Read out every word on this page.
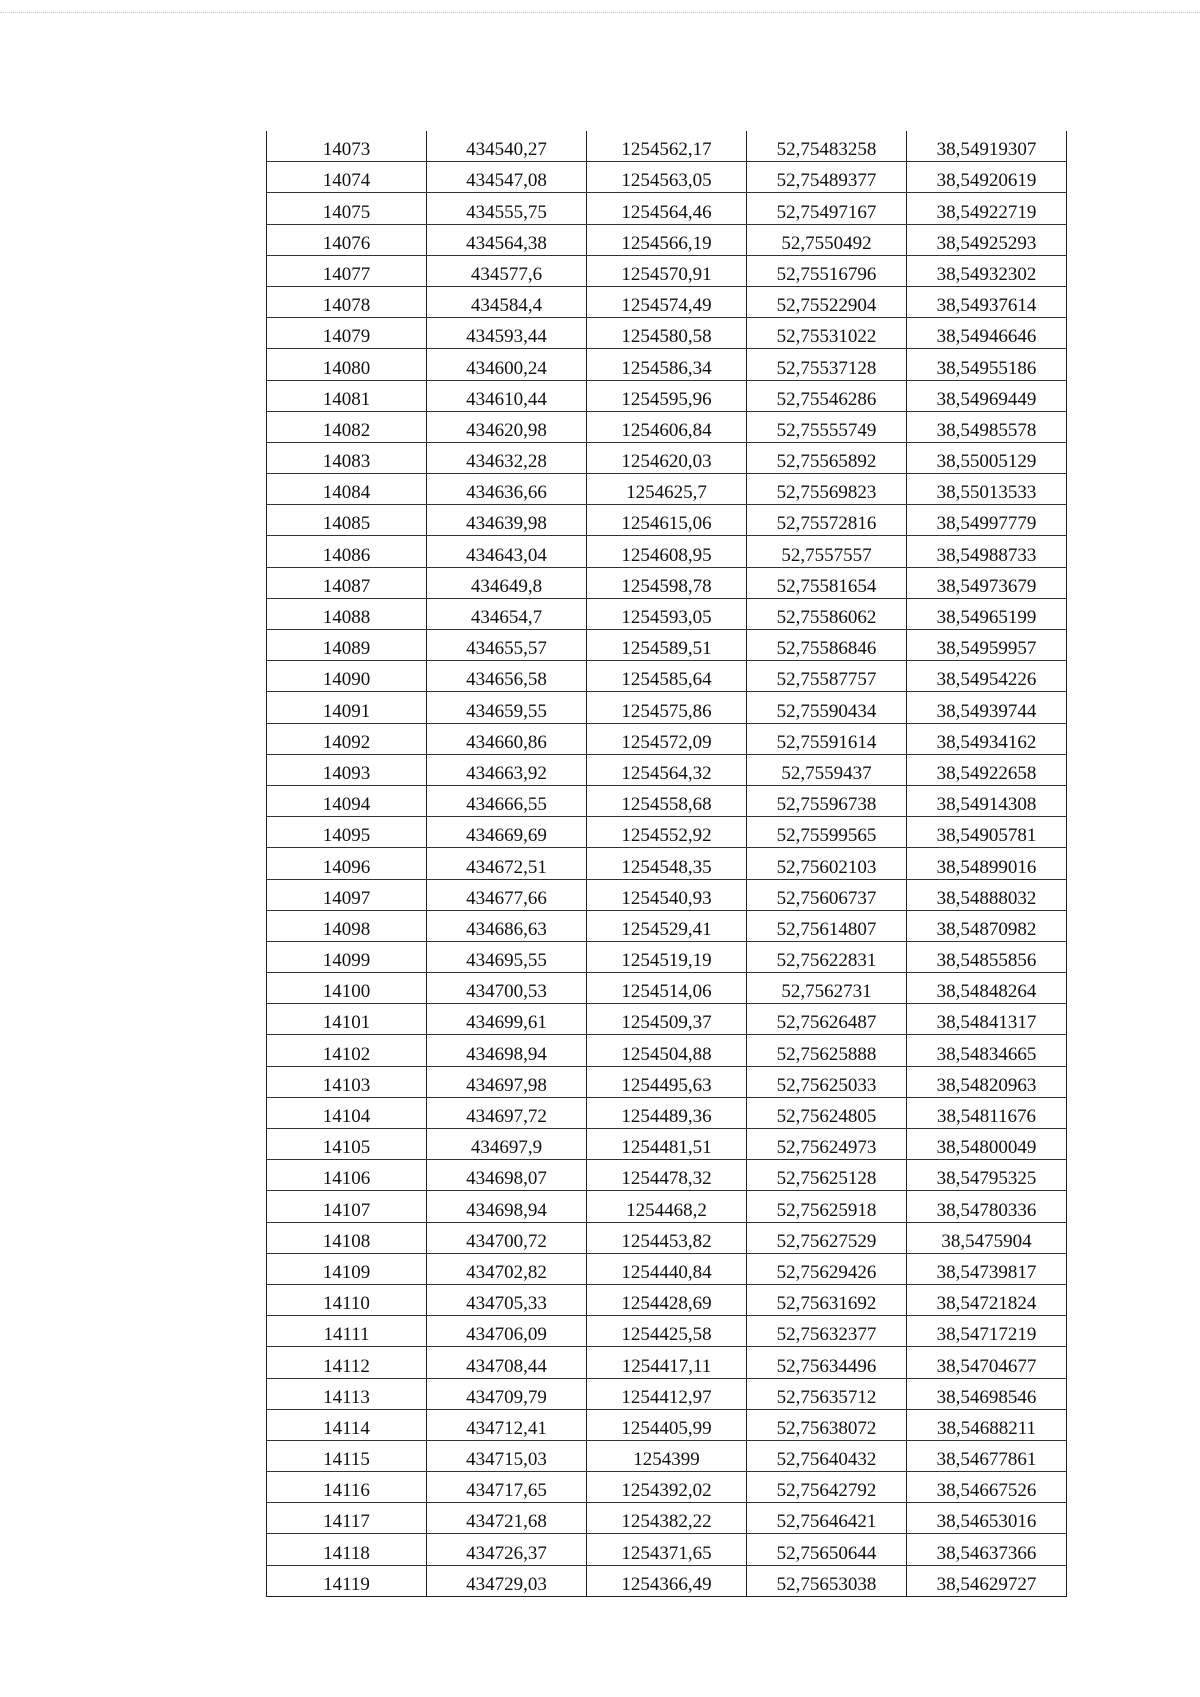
14073	434540,27	1254562,17	52,75483258	38,54919307
14074	434547,08	1254563,05	52,75489377	38,54920619
14075	434555,75	1254564,46	52,75497167	38,54922719
14076	434564,38	1254566,19	52,7550492	38,54925293
14077	434577,6	1254570,91	52,75516796	38,54932302
14078	434584,4	1254574,49	52,75522904	38,54937614
14079	434593,44	1254580,58	52,75531022	38,54946646
14080	434600,24	1254586,34	52,75537128	38,54955186
14081	434610,44	1254595,96	52,75546286	38,54969449
14082	434620,98	1254606,84	52,75555749	38,54985578
14083	434632,28	1254620,03	52,75565892	38,55005129
14084	434636,66	1254625,7	52,75569823	38,55013533
14085	434639,98	1254615,06	52,75572816	38,54997779
14086	434643,04	1254608,95	52,7557557	38,54988733
14087	434649,8	1254598,78	52,75581654	38,54973679
14088	434654,7	1254593,05	52,75586062	38,54965199
14089	434655,57	1254589,51	52,75586846	38,54959957
14090	434656,58	1254585,64	52,75587757	38,54954226
14091	434659,55	1254575,86	52,75590434	38,54939744
14092	434660,86	1254572,09	52,75591614	38,54934162
14093	434663,92	1254564,32	52,7559437	38,54922658
14094	434666,55	1254558,68	52,75596738	38,54914308
14095	434669,69	1254552,92	52,75599565	38,54905781
14096	434672,51	1254548,35	52,75602103	38,54899016
14097	434677,66	1254540,93	52,75606737	38,54888032
14098	434686,63	1254529,41	52,75614807	38,54870982
14099	434695,55	1254519,19	52,75622831	38,54855856
14100	434700,53	1254514,06	52,7562731	38,54848264
14101	434699,61	1254509,37	52,75626487	38,54841317
14102	434698,94	1254504,88	52,75625888	38,54834665
14103	434697,98	1254495,63	52,75625033	38,54820963
14104	434697,72	1254489,36	52,75624805	38,54811676
14105	434697,9	1254481,51	52,75624973	38,54800049
14106	434698,07	1254478,32	52,75625128	38,54795325
14107	434698,94	1254468,2	52,75625918	38,54780336
14108	434700,72	1254453,82	52,75627529	38,5475904
14109	434702,82	1254440,84	52,75629426	38,54739817
14110	434705,33	1254428,69	52,75631692	38,54721824
14111	434706,09	1254425,58	52,75632377	38,54717219
14112	434708,44	1254417,11	52,75634496	38,54704677
14113	434709,79	1254412,97	52,75635712	38,54698546
14114	434712,41	1254405,99	52,75638072	38,54688211
14115	434715,03	1254399	52,75640432	38,54677861
14116	434717,65	1254392,02	52,75642792	38,54667526
14117	434721,68	1254382,22	52,75646421	38,54653016
14118	434726,37	1254371,65	52,75650644	38,54637366
14119	434729,03	1254366,49	52,75653038	38,54629727
